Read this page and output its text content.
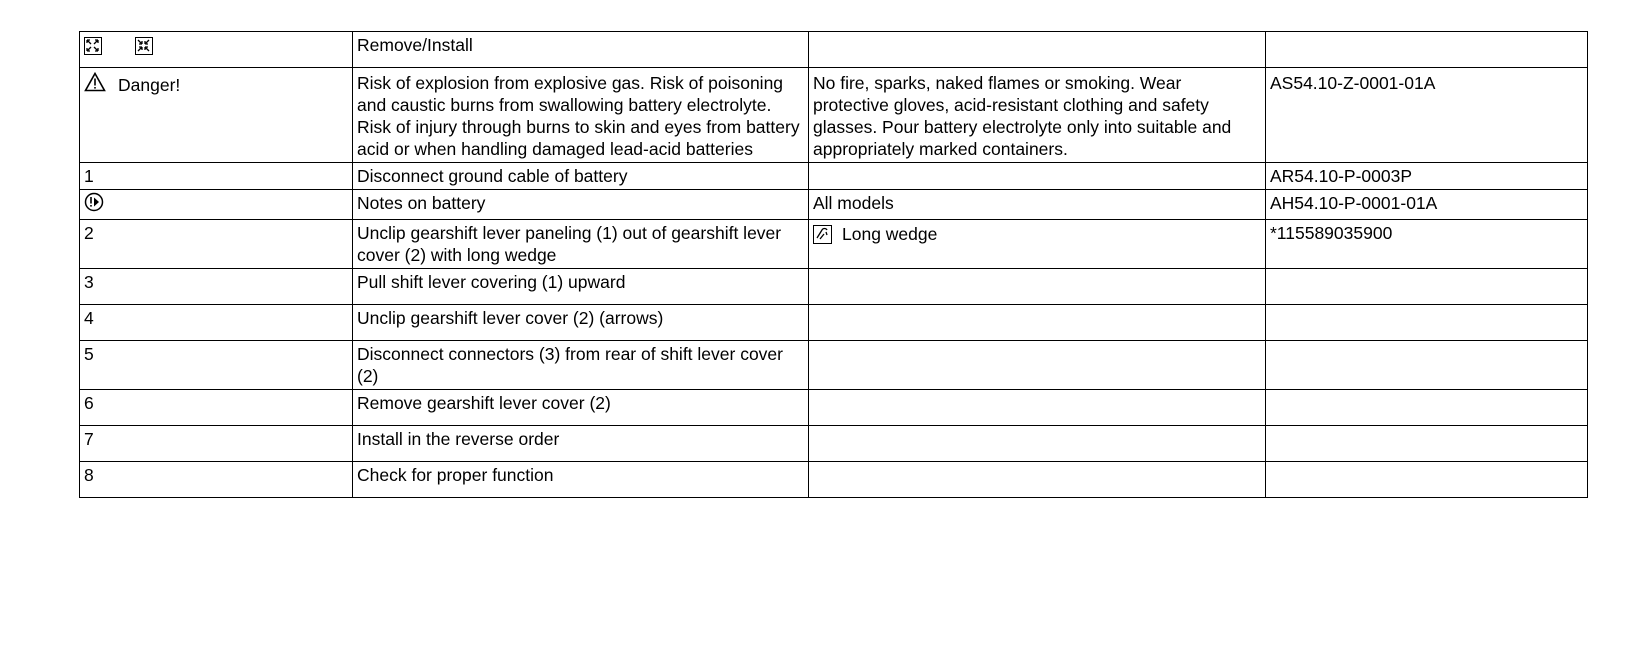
	Remove/Install		
Danger!	Risk of explosion from explosive gas. Risk of poisoning and caustic burns from swallowing battery electrolyte. Risk of injury through burns to skin and eyes from battery acid or when handling damaged lead-acid batteries	No fire, sparks, naked flames or smoking. Wear protective gloves, acid-resistant clothing and safety glasses. Pour battery electrolyte only into suitable and appropriately marked containers.	AS54.10-Z-0001-01A
1	Disconnect ground cable of battery		AR54.10-P-0003P
	Notes on battery	All models	AH54.10-P-0001-01A
2	Unclip gearshift lever paneling (1) out of gearshift lever cover (2) with long wedge	Long wedge	*115589035900
3	Pull shift lever covering (1) upward		
4	Unclip gearshift lever cover (2) (arrows)		
5	Disconnect connectors (3) from rear of shift lever cover (2)		
6	Remove gearshift lever cover (2)		
7	Install in the reverse order		
8	Check for proper function		
